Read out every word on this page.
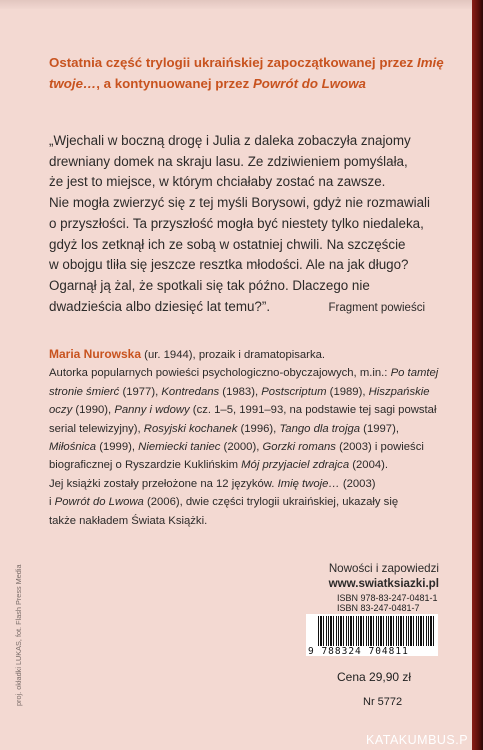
Ostatnia część trylogii ukraińskiej zapoczątkowanej przez Imię twoje…, a kontynuowanej przez Powrót do Lwowa
„Wjechali w boczną drogę i Julia z daleka zobaczyła znajomy
drewniany domek na skraju lasu. Ze zdziwieniem pomyślała,
że jest to miejsce, w którym chciałaby zostać na zawsze.
Nie mogła zwierzyć się z tej myśli Borysowi, gdyż nie rozmawiali
o przyszłości. Ta przyszłość mogła być niestety tylko niedaleka,
gdyż los zetknął ich ze sobą w ostatniej chwili. Na szczęście
w obojgu tliła się jeszcze resztka młodości. Ale na jak długo?
Ogarnął ją żal, że spotkali się tak późno. Dlaczego nie
dwadzieścia albo dziesięć lat temu?”.	Fragment powieści
Maria Nurowska (ur. 1944), prozaik i dramatopisarka.
Autorka popularnych powieści psychologiczno-obyczajowych, m.in.: Po tamtej
stronie śmierć (1977), Kontredans (1983), Postscriptum (1989), Hiszpańskie
oczy (1990), Panny i wdowy (cz. 1–5, 1991–93, na podstawie tej sagi powstał
serial telewizyjny), Rosyjski kochanek (1996), Tango dla trojga (1997),
Miłośnica (1999), Niemiecki taniec (2000), Gorzki romans (2003) i powieści
biograficznej o Ryszardzie Kuklińskim Mój przyjaciel zdrajca (2004).
Jej książki zostały przełożone na 12 języków. Imię twoje… (2003)
i Powrót do Lwowa (2006), dwie części trylogii ukraińskiej, ukazały się
także nakładem Świata Książki.
Nowości i zapowiedzi
www.swiatksiazki.pl
ISBN 978-83-247-0481-1
ISBN 83-247-0481-7
9 788324 704811
Cena 29,90 zł
Nr 5772
proj. okładki LUKAS, fot. Flash Press Media
KATAKUMBUS.P
